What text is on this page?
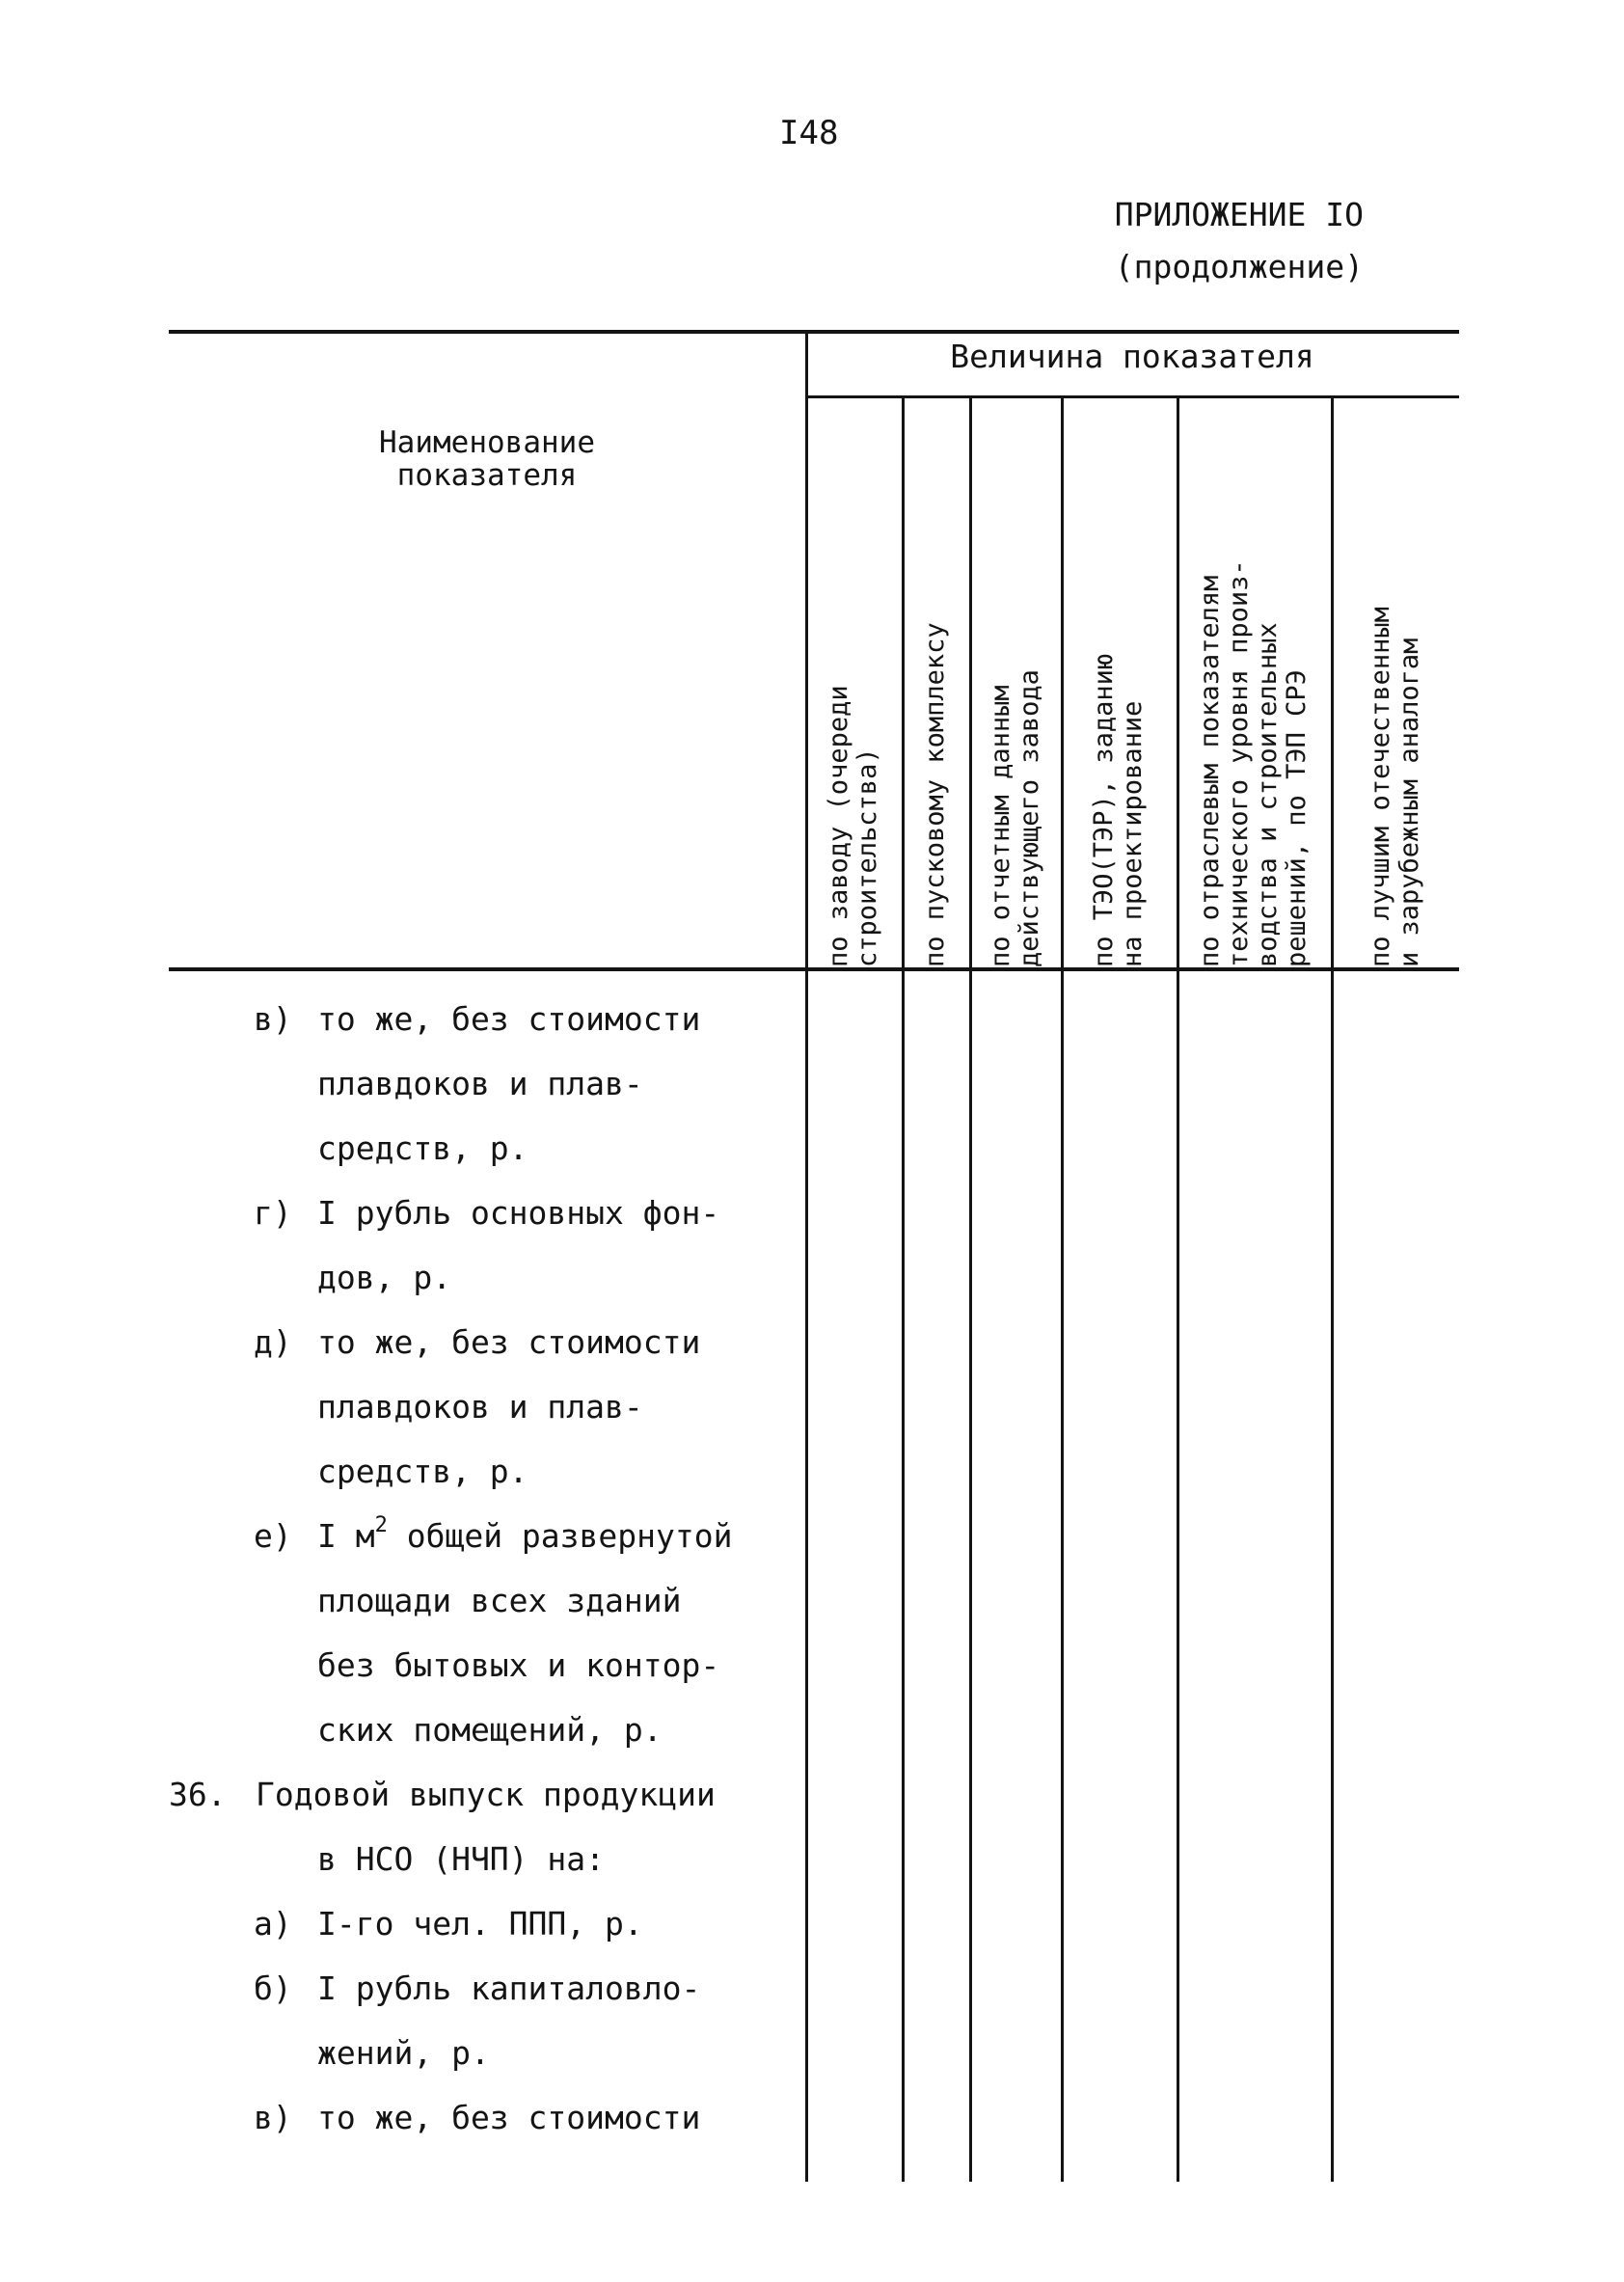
I48
ПРИЛОЖЕНИЕ IO
(продолжение)
Величина показателя
Наименование
показателя
по заводу (очереди строительства) по пусковому комплексу по отчетным данным действующего завода по ТЭО(ТЭР), заданию на проектирование по отраслевым показателям технического уровня произ- водства и строительных решений, по ТЭП СРЭ по лучшим отечественным и зарубежным аналогам
в) то же, без стоимости
плавдоков и плав-
средств, р.
г) I рубль основных фон-
дов, р.
д) то же, без стоимости
плавдоков и плав-
средств, р.
е) I $м^2$ общей развернутой
площади всех зданий
без бытовых и контор-
ских помещений, р.
36. Годовой выпуск продукции
в НСО (НЧП) на:
а) I-го чел. ППП, р.
б) I рубль капиталовло-
жений, р.
в) то же, без стоимости
